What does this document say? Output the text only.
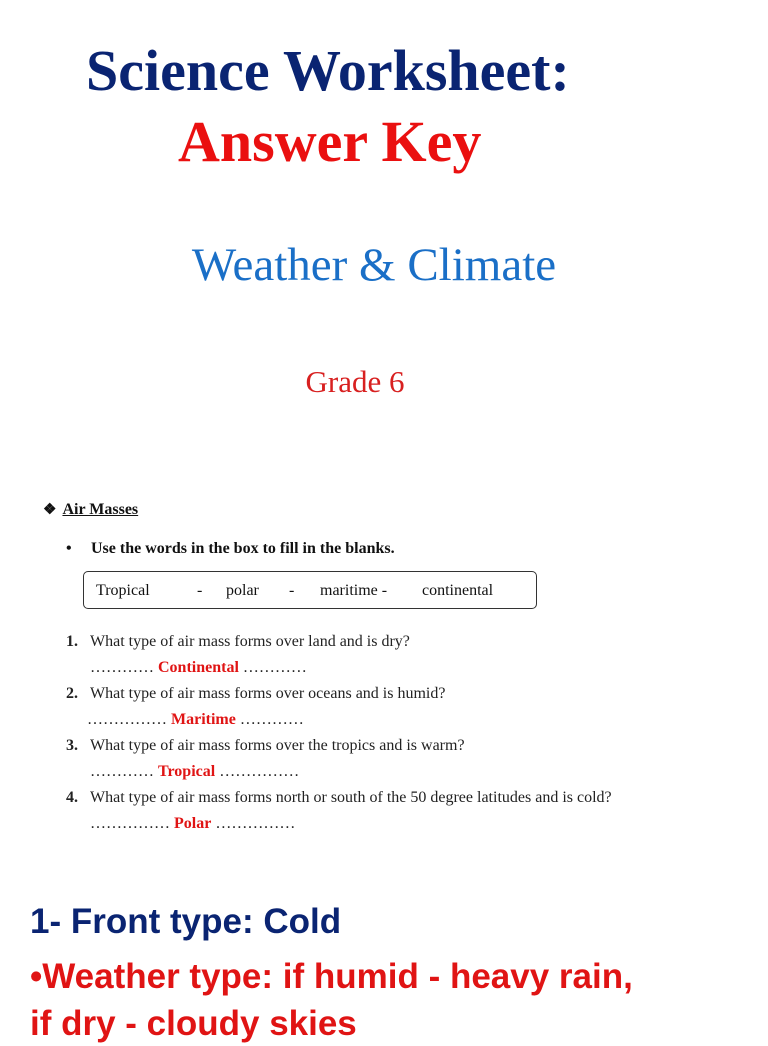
Science Worksheet:
Answer Key
Weather & Climate
Grade 6
❖ Air Masses
• Use the words in the box to fill in the blanks.
Tropical	- polar - maritime - continental
1. What type of air mass forms over land and is dry?
………… Continental …………
2. What type of air mass forms over oceans and is humid?
…………… Maritime …………
3. What type of air mass forms over the tropics and is warm?
………… Tropical ……………
4. What type of air mass forms north or south of the 50 degree latitudes and is cold?
…………… Polar ……………
1- Front type: Cold
•Weather type: if humid - heavy rain,
if dry - cloudy skies
